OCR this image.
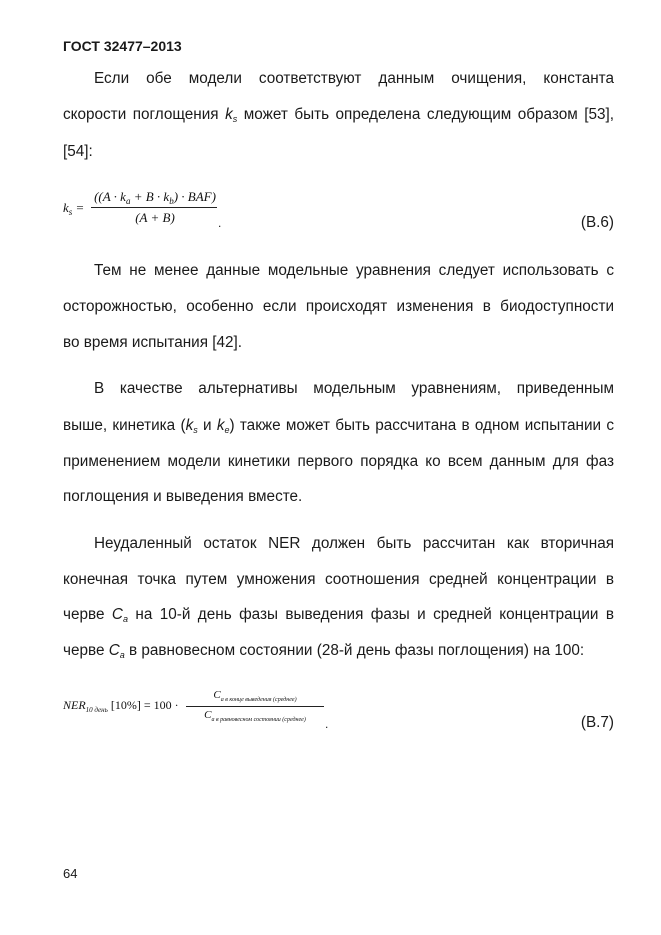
ГОСТ 32477–2013
Если обе модели соответствуют данным очищения, константа
скорости поглощения $k_s$ может быть определена следующим образом [53],
[54]:
$k_s$ =
$((A \cdot k_a + B \cdot k_b) \cdot BAF)$
(A + B)	.	(В.6)
Тем не менее данные модельные уравнения следует использовать с
осторожностью, особенно если происходят изменения в биодоступности
во время испытания [42].
В качестве альтернативы модельным уравнениям, приведенным
выше, кинетика ($k_s$ и $k_e$) также может быть рассчитана в одном испытании с
применением модели кинетики первого порядка ко всем данным для фаз
поглощения и выведения вместе.
Неудаленный остаток NER должен быть рассчитан как вторичная
конечная точка путем умножения соотношения средней концентрации в
черве $C_a$ на 10-й день фазы выведения фазы и средней концентрации в
черве $C_a$ в равновесном состоянии (28-й день фазы поглощения) на 100:
$NER_{10 день}$ [10%] = 100 ·
$C_{a в конце выведения (среднее)}$
$C_{a в равновесном состоянии (среднее)}$	.	(В.7)
64
